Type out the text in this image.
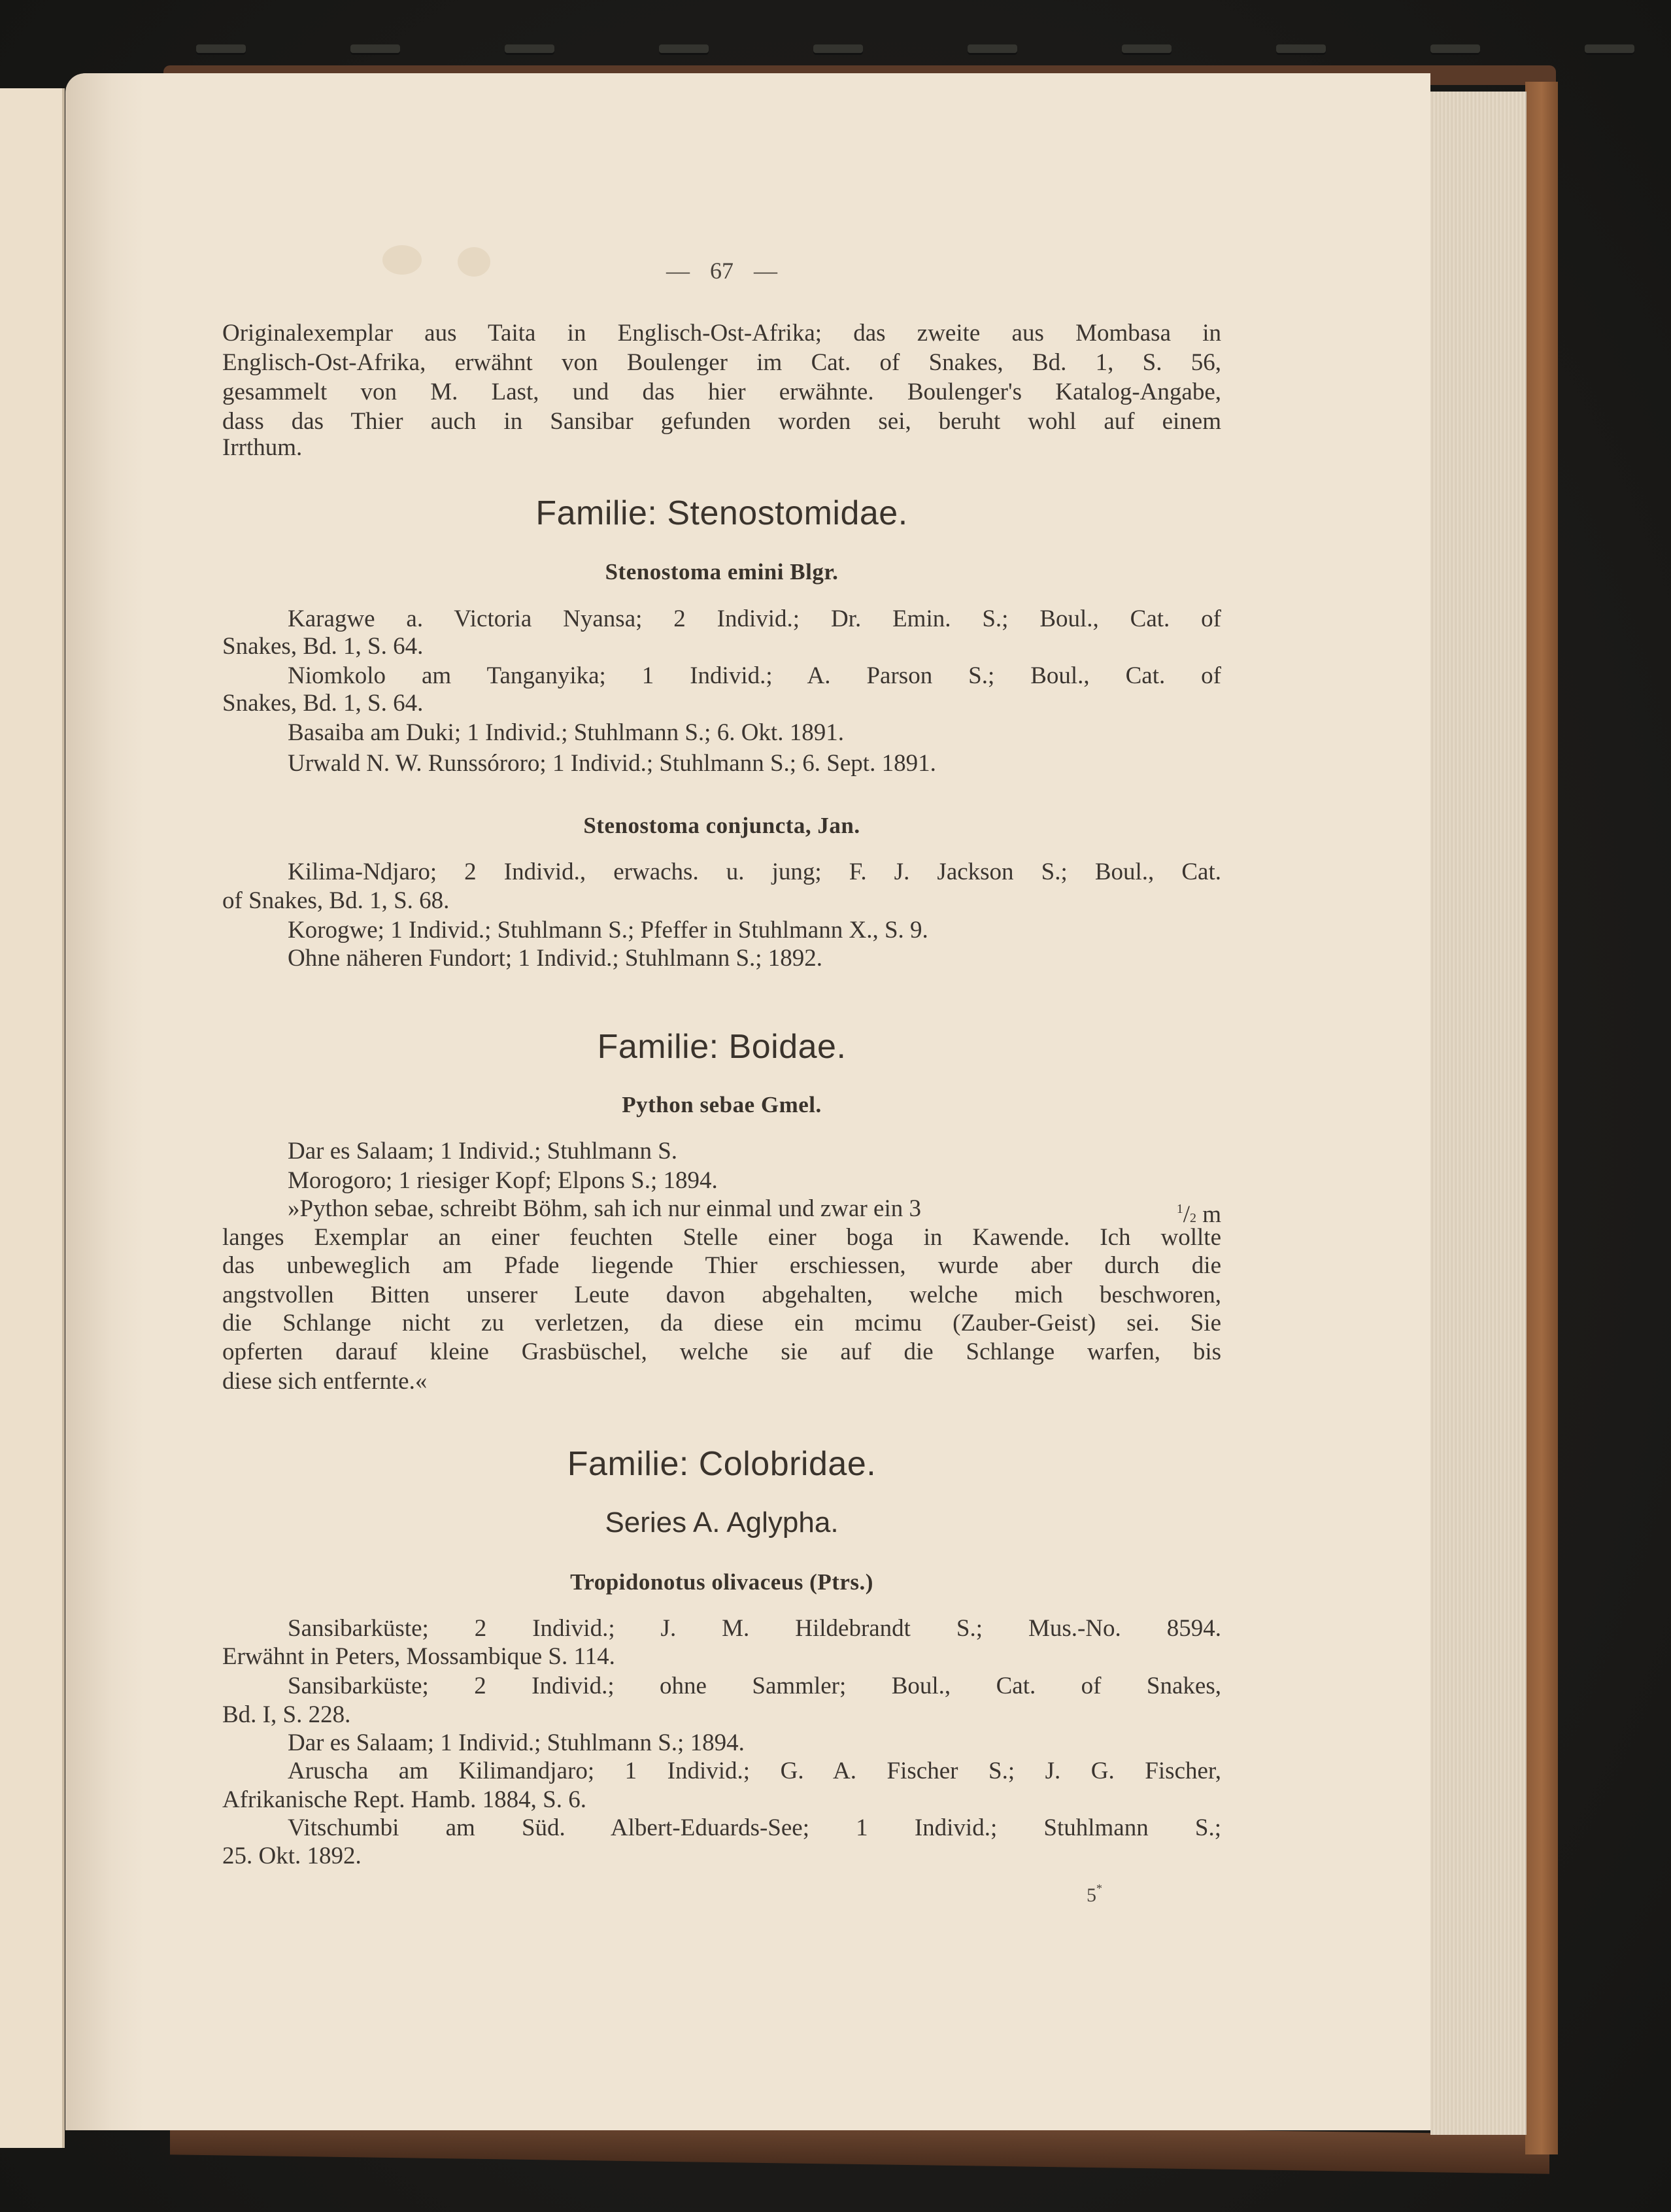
— 67 —
Originalexemplar aus Taita in Englisch-Ost-Afrika; das zweite aus Mombasa in
Englisch-Ost-Afrika, erwähnt von Boulenger im Cat. of Snakes, Bd. 1, S. 56,
gesammelt von M. Last, und das hier erwähnte. Boulenger's Katalog-Angabe,
dass das Thier auch in Sansibar gefunden worden sei, beruht wohl auf einem
Irrthum.
Familie: Stenostomidae.
Stenostoma emini Blgr.
Karagwe a. Victoria Nyansa; 2 Individ.; Dr. Emin. S.; Boul., Cat. of
Snakes, Bd. 1, S. 64.
Niomkolo am Tanganyika; 1 Individ.; A. Parson S.; Boul., Cat. of
Snakes, Bd. 1, S. 64.
Basaiba am Duki; 1 Individ.; Stuhlmann S.; 6. Okt. 1891.
Urwald N. W. Runssóroro; 1 Individ.; Stuhlmann S.; 6. Sept. 1891.
Stenostoma conjuncta, Jan.
Kilima-Ndjaro; 2 Individ., erwachs. u. jung; F. J. Jackson S.; Boul., Cat.
of Snakes, Bd. 1, S. 68.
Korogwe; 1 Individ.; Stuhlmann S.; Pfeffer in Stuhlmann X., S. 9.
Ohne näheren Fundort; 1 Individ.; Stuhlmann S.; 1892.
Familie: Boidae.
Python sebae Gmel.
Dar es Salaam; 1 Individ.; Stuhlmann S.
Morogoro; 1 riesiger Kopf; Elpons S.; 1894.
»Python sebae, schreibt Böhm, sah ich nur einmal und zwar ein 3	$^1$/2 m
langes Exemplar an einer feuchten Stelle einer boga in Kawende. Ich wollte
das unbeweglich am Pfade liegende Thier erschiessen, wurde aber durch die
angstvollen Bitten unserer Leute davon abgehalten, welche mich beschworen,
die Schlange nicht zu verletzen, da diese ein mcimu (Zauber-Geist) sei. Sie
opferten darauf kleine Grasbüschel, welche sie auf die Schlange warfen, bis
diese sich entfernte.«
Familie: Colobridae.
Series A. Aglypha.
Tropidonotus olivaceus (Ptrs.)
Sansibarküste; 2 Individ.; J. M. Hildebrandt S.; Mus.-No. 8594.
Erwähnt in Peters, Mossambique S. 114.
Sansibarküste; 2 Individ.; ohne Sammler; Boul., Cat. of Snakes,
Bd. I, S. 228.
Dar es Salaam; 1 Individ.; Stuhlmann S.; 1894.
Aruscha am Kilimandjaro; 1 Individ.; G. A. Fischer S.; J. G. Fischer,
Afrikanische Rept. Hamb. 1884, S. 6.
Vitschumbi am Süd. Albert-Eduards-See; 1 Individ.; Stuhlmann S.;
25. Okt. 1892.
5*
